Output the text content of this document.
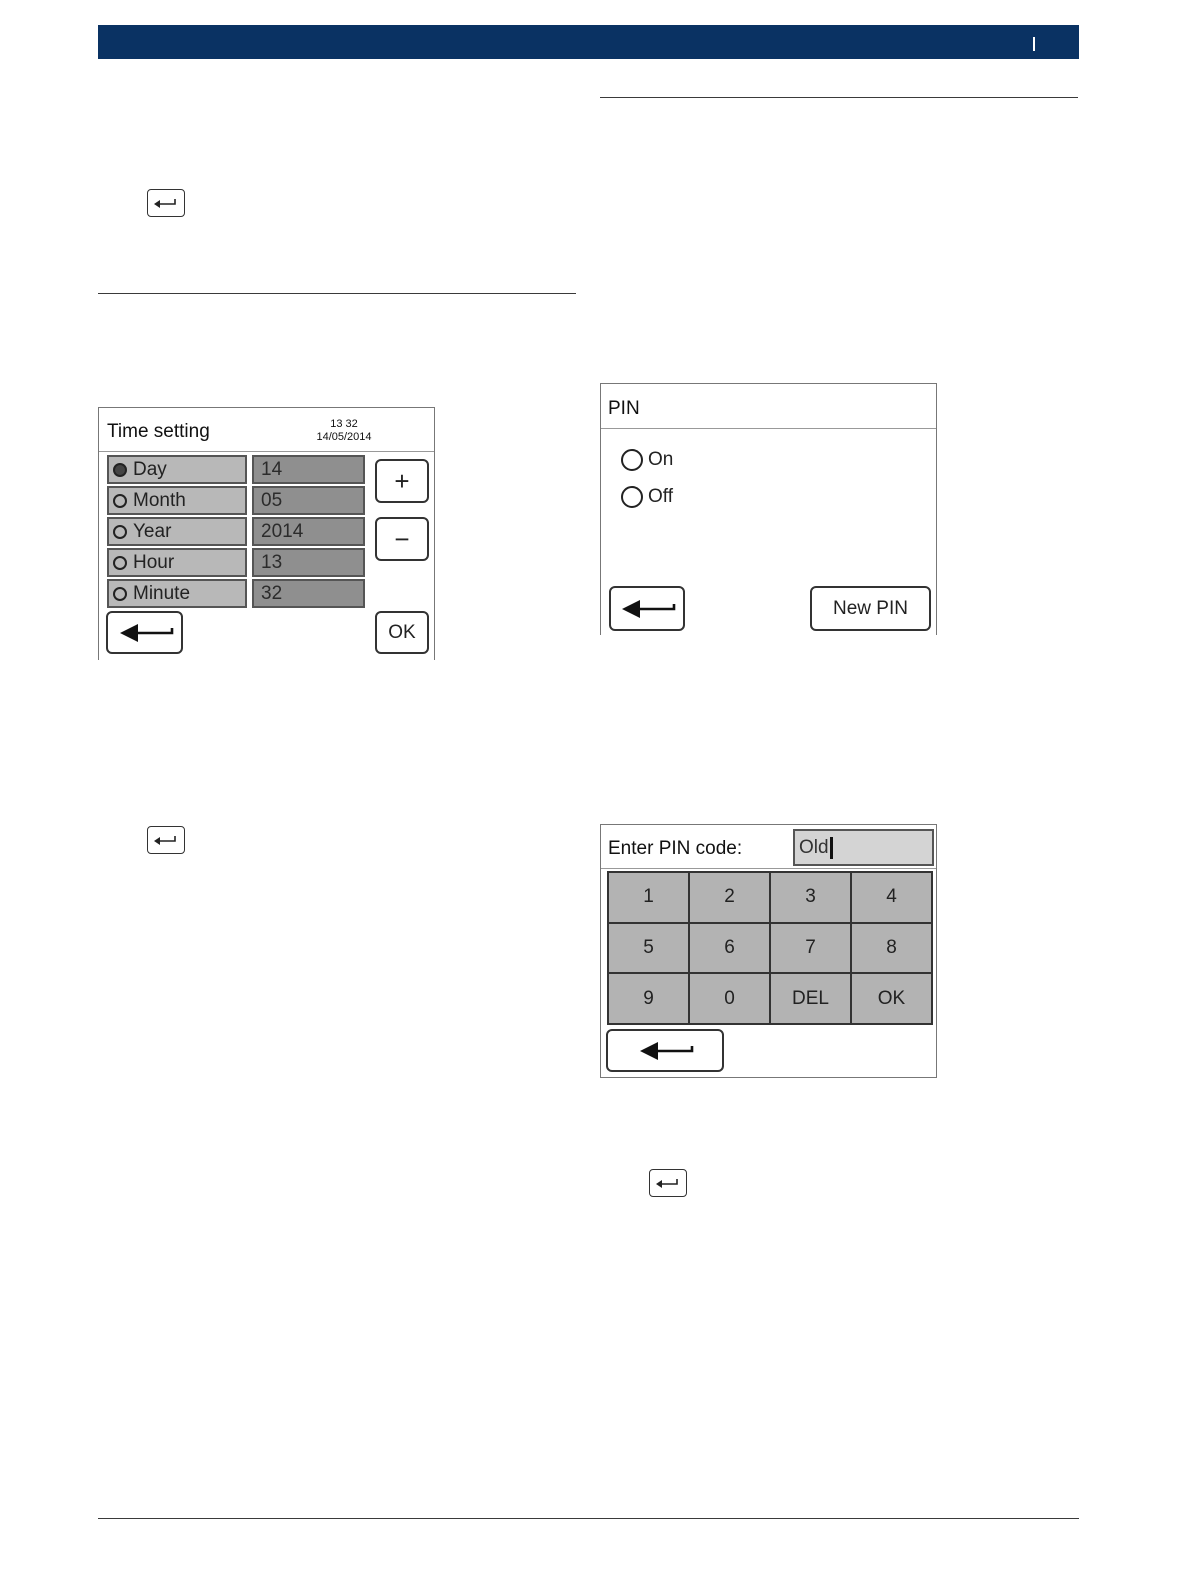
Time setting	13 32
14/05/2014
Day	14
Month	05
Year	2014
Hour	13
Minute	32
+
−
OK
PIN
On
Off
New PIN
Enter PIN code:	Old
1	2	3	4
5	6	7	8
9	0	DEL	OK
